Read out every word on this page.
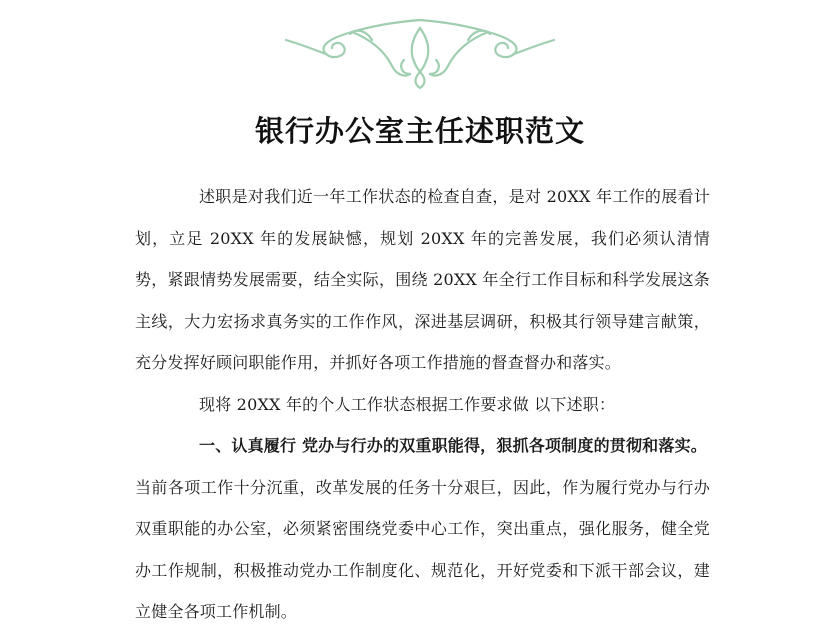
银行办公室主任述职范文

述职是对我们近一年工作状态的检查自查，是对 20XX 年工作的展看计划，立足 20XX 年的发展缺憾，规划 20XX 年的完善发展，我们必须认清情势，紧跟情势发展需要，结全实际，围绕 20XX 年全行工作目标和科学发展这条主线，大力宏扬求真务实的工作作风，深进基层调研，积极其行领导建言献策，充分发挥好顾问职能作用，并抓好各项工作措施的督查督办和落实。

现将 20XX 年的个人工作状态根据工作要求做 以下述职：

一、认真履行 党办与行办的双重职能得，狠抓各项制度的贯彻和落实。

当前各项工作十分沉重，改革发展的任务十分艰巨，因此，作为履行党办与行办双重职能的办公室，必须紧密围绕党委中心工作，突出重点，强化服务，健全党办工作规制，积极推动党办工作制度化、规范化，开好党委和下派干部会议，建立健全各项工作机制。
